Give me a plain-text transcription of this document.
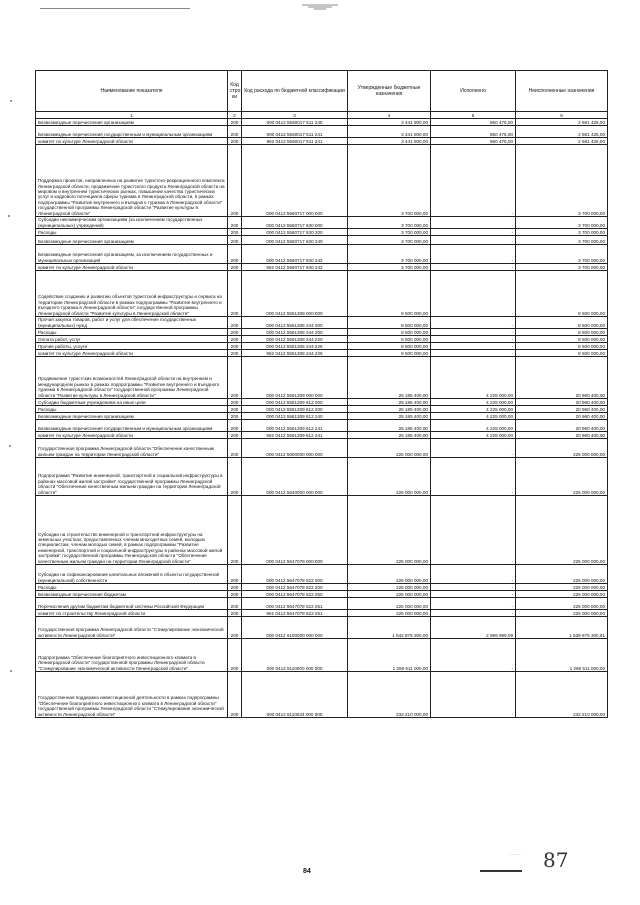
Наименование показателя	Код стро ки	Код расхода по бюджетной классификации	Утвержденные бюджетные назначения	Исполнено	Неисполненные назначения
1	2	3	4	5	6
Безвозмездные перечисления организациям	200	000 0412 5560017 611 240	3 441 900,00	860 475,00	2 581 425,00
Безвозмездные перечисления государственным и муниципальным организациям	200	000 0412 5560017 611 241	3 441 900,00	860 475,00	2 581 425,00
комитет по культуре Ленинградской области	200	962 0412 5560017 611 241	3 441 900,00	860 475,00	2 581 425,00
Поддержка проектов, направленных на развитие туристско-рекреационного комплекса Ленинградской области, продвижение туристского продукта Ленинградской области на мировом и внутреннем туристических рынках, повышение качества туристических услуг и кадрового потенциала сферы туризма в Ленинградской области, в рамках подпрограммы "Развитие внутреннего и въездного туризма в Ленинградской области" государственной программы Ленинградской области "Развитие культуры в Ленинградской области"	200	000 0412 5560717 000 000	3 700 000,00	-	3 700 000,00
Субсидии некоммерческим организациям (за исключением государственных (муниципальных) учреждений)	200	000 0412 5560717 630 000	3 700 000,00	-	3 700 000,00
Расходы	200	000 0412 5560717 630 200	3 700 000,00	-	3 700 000,00
Безвозмездные перечисления организациям	200	000 0412 5560717 630 240	3 700 000,00	-	3 700 000,00
Безвозмездные перечисления организациям, за исключением государственных и муниципальных организаций	200	000 0412 5560717 630 242	3 700 000,00	-	3 700 000,00
комитет по культуре Ленинградской области	200	962 0412 5560717 630 242	3 700 000,00	-	3 700 000,00
Содействие созданию и развитию объектов туристской инфраструктуры и сервиса на территории Ленинградской области в рамках подпрограммы "Развитие внутреннего и въездного туризма в Ленинградской области" государственной программы Ленинградской области "Развитие культуры в Ленинградской области"	200	000 0412 5561308 000 000	8 500 000,00	-	8 500 000,00
Прочая закупка товаров, работ и услуг для обеспечения государственных (муниципальных) нужд	200	000 0412 5561308 244 000	8 500 000,00	-	8 500 000,00
Расходы	200	000 0412 5561308 244 200	8 500 000,00	-	8 500 000,00
Оплата работ, услуг	200	000 0412 5561308 244 220	8 500 000,00	-	8 500 000,00
Прочие работы, услуги	200	000 0412 5561308 244 226	8 500 000,00	-	8 500 000,00
комитет по культуре Ленинградской области	200	962 0412 5561308 244 226	8 500 000,00	-	8 500 000,00
Продвижение туристских возможностей Ленинградской области на внутреннем и международном рынках в рамках подпрограммы "Развитие внутреннего и въездного туризма в Ленинградской области" государственной программы Ленинградской области "Развитие культуры в Ленинградской области"	200	000 0412 5561309 000 000	25 185 400,00	4 225 000,00	20 960 400,00
Субсидии бюджетным учреждениям на иные цели	200	000 0412 5561309 612 000	25 185 400,00	4 225 000,00	20 960 400,00
Расходы	200	000 0412 5561309 612 200	25 185 400,00	4 225 000,00	20 960 400,00
Безвозмездные перечисления организациям	200	000 0412 5561309 612 240	25 185 400,00	4 225 000,00	20 960 400,00
Безвозмездные перечисления государственным и муниципальным организациям	200	000 0412 5561309 612 241	25 185 400,00	4 225 000,00	20 960 400,00
комитет по культуре Ленинградской области	200	962 0412 5561309 612 241	25 185 400,00	4 225 000,00	20 960 400,00
Государственная программа Ленинградской области "Обеспечение качественным жильем граждан на территории Ленинградской области"	200	000 0412 5600000 000 000	225 000 000,00	-	225 000 000,00
Подпрограмма "Развитие инженерной, транспортной и социальной инфраструктуры в районах массовой жилой застройки" государственной программы Ленинградской области "Обеспечение качественным жильем граждан на территории Ленинградской области"	200	000 0412 5640000 000 000	225 000 000,00	-	225 000 000,00
Субсидии на строительство инженерной и транспортной инфраструктуры на земельных участках, предоставленных членам многодетных семей, молодым специалистам, членам молодых семей, в рамках подпрограммы "Развитие инженерной, транспортной и социальной инфраструктуры в районах массовой жилой застройки" государственной программы Ленинградской области "Обеспечение качественным жильем граждан на территории Ленинградской области"	200	000 0412 5647078 000 000	225 000 000,00	-	225 000 000,00
Субсидии на софинансирование капитальных вложений в объекты государственной (муниципальной) собственности	200	000 0412 5647078 522 000	225 000 000,00	-	225 000 000,00
Расходы	200	000 0412 5647078 522 200	225 000 000,00	-	225 000 000,00
Безвозмездные перечисления бюджетам	200	000 0412 5647078 522 250	225 000 000,00	-	225 000 000,00
Перечисления другим бюджетам бюджетной системы Российской Федерации	200	000 0412 5647078 522 251	225 000 000,00	-	225 000 000,00
комитет по строительству Ленинградской области	200	961 0412 5647078 522 251	225 000 000,00	-	225 000 000,00
Государственная программа Ленинградской области "Стимулирование экономической активности Ленинградской области"	200	000 0412 6100000 000 000	1 542 875 300,00	2 999 999,09	1 539 875 300,91
Подпрограмма "Обеспечение благоприятного инвестиционного климата в Ленинградской области" государственной программы Ленинградской области "Стимулирование экономической активности Ленинградской области"	200	000 0412 6110000 000 000	1 268 511 000,00	-	1 268 511 000,00
Государственная поддержка инвестиционной деятельности в рамках подпрограммы "Обеспечение благоприятного инвестиционного климата в Ленинградской области" государственной программы Ленинградской области "Стимулирование экономической активности Ленинградской области"	200	000 0412 6110634 000 000	232 210 000,00	-	232 210 000,00
84
· · · · 87
